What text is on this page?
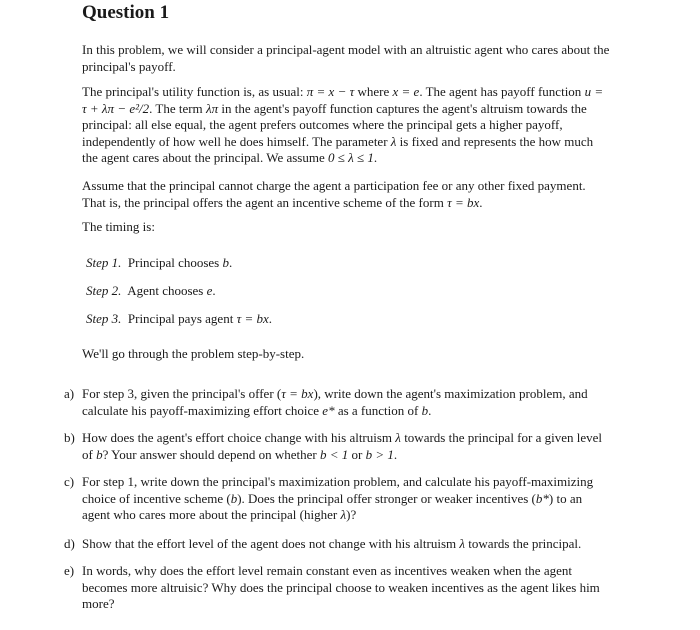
Question 1

In this problem, we will consider a principal-agent model with an altruistic agent who cares about the principal's payoff.

The principal's utility function is, as usual: π = x − τ where x = e. The agent has payoff function u = τ + λπ − e²/2. The term λπ in the agent's payoff function captures the agent's altruism towards the principal: all else equal, the agent prefers outcomes where the principal gets a higher payoff, independently of how well he does himself. The parameter λ is fixed and represents the how much the agent cares about the principal. We assume 0 ≤ λ ≤ 1.

Assume that the principal cannot charge the agent a participation fee or any other fixed payment. That is, the principal offers the agent an incentive scheme of the form τ = bx.

The timing is:

Step 1. Principal chooses b.
Step 2. Agent chooses e.
Step 3. Principal pays agent τ = bx.

We'll go through the problem step-by-step.

a) For step 3, given the principal's offer (τ = bx), write down the agent's maximization problem, and calculate his payoff-maximizing effort choice e* as a function of b.
b) How does the agent's effort choice change with his altruism λ towards the principal for a given level of b? Your answer should depend on whether b < 1 or b > 1.
c) For step 1, write down the principal's maximization problem, and calculate his payoff-maximizing choice of incentive scheme (b). Does the principal offer stronger or weaker incentives (b*) to an agent who cares more about the principal (higher λ)?
d) Show that the effort level of the agent does not change with his altruism λ towards the principal.
e) In words, why does the effort level remain constant even as incentives weaken when the agent becomes more altruisic? Why does the principal choose to weaken incentives as the agent likes him more?
